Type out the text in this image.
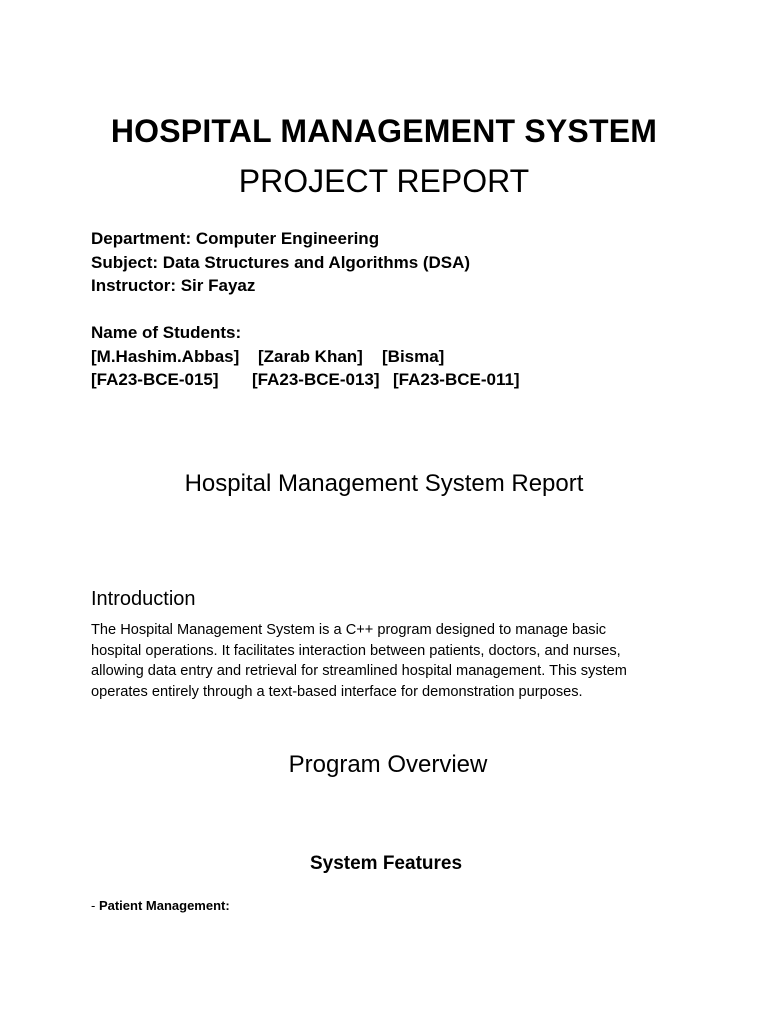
HOSPITAL MANAGEMENT SYSTEM
PROJECT REPORT
Department: Computer Engineering
Subject: Data Structures and Algorithms (DSA)
Instructor: Sir Fayaz
Name of Students:
[M.Hashim.Abbas]	[Zarab Khan]	[Bisma]
[FA23-BCE-015]	[FA23-BCE-013] [FA23-BCE-011]
Hospital Management System Report
Introduction
The Hospital Management System is a C++ program designed to manage basic
hospital operations. It facilitates interaction between patients, doctors, and nurses,
allowing data entry and retrieval for streamlined hospital management. This system
operates entirely through a text-based interface for demonstration purposes.
Program Overview
System Features
- Patient Management:
